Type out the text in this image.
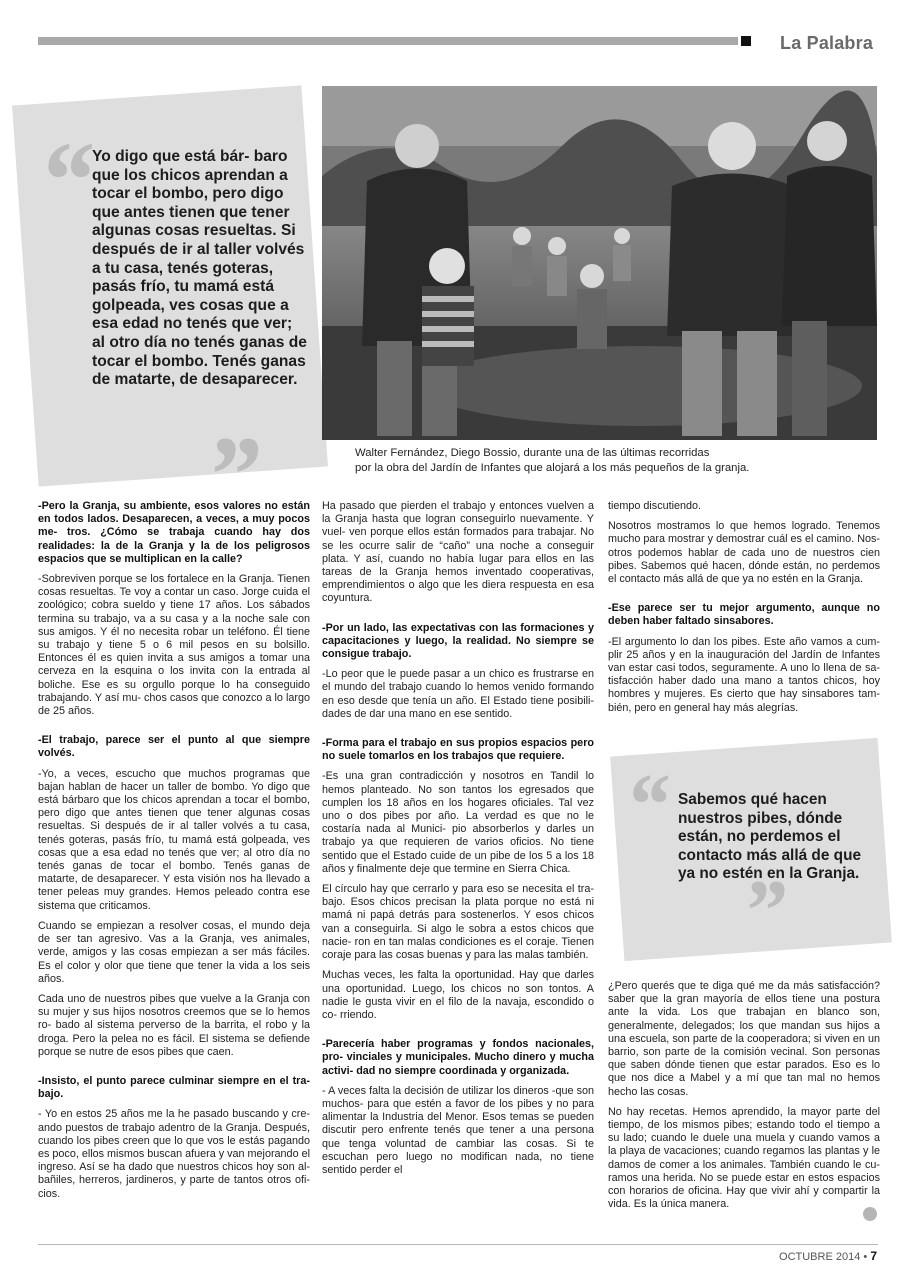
La Palabra
“ Yo digo que está bár- baro que los chicos aprendan a tocar el bombo, pero digo que antes tienen que tener algunas cosas resueltas. Si después de ir al taller volvés a tu casa, tenés goteras, pasás frío, tu mamá está golpeada, ves cosas que a esa edad no tenés que ver; al otro día no tenés ganas de tocar el bombo. Tenés ganas de matarte, de desaparecer.
”	Walter Fernández, Diego Bossio, durante una de las últimas recorridas
por la obra del Jardín de Infantes que alojará a los más pequeños de la granja.

-Pero la Granja, su ambiente, esos valores no están en todos lados. Desaparecen, a veces, a muy pocos me- tros. ¿Cómo se trabaja cuando hay dos realidades: la de la Granja y la de los peligrosos espacios que se multiplican en la calle?

-Sobreviven porque se los fortalece en la Granja. Tienen cosas resueltas. Te voy a contar un caso. Jorge cuida el zoológico; cobra sueldo y tiene 17 años. Los sábados termina su trabajo, va a su casa y a la noche sale con sus amigos. Y él no necesita robar un teléfono. Él tiene su trabajo y tiene 5 o 6 mil pesos en su bolsillo. Entonces él es quien invita a sus amigos a tomar una cerveza en la esquina o los invita con la entrada al boliche. Ese es su orgullo porque lo ha conseguido trabajando. Y así mu- chos casos que conozco a lo largo de 25 años.

-El trabajo, parece ser el punto al que siempre volvés.

-Yo, a veces, escucho que muchos programas que bajan hablan de hacer un taller de bombo. Yo digo que está bárbaro que los chicos aprendan a tocar el bombo, pero digo que antes tienen que tener algunas cosas resueltas. Si después de ir al taller volvés a tu casa, tenés goteras, pasás frío, tu mamá está golpeada, ves cosas que a esa edad no tenés que ver; al otro día no tenés ganas de tocar el bombo. Tenés ganas de matarte, de desaparecer. Y esta visión nos ha llevado a tener peleas muy grandes. Hemos peleado contra ese sistema que criticamos.

Cuando se empiezan a resolver cosas, el mundo deja de ser tan agresivo. Vas a la Granja, ves animales, verde, amigos y las cosas empiezan a ser más fáciles. Es el color y olor que tiene que tener la vida a los seis años.

Cada uno de nuestros pibes que vuelve a la Granja con su mujer y sus hijos nosotros creemos que se lo hemos ro- bado al sistema perverso de la barrita, el robo y la droga. Pero la pelea no es fácil. El sistema se defiende porque se nutre de esos pibes que caen.

-Insisto, el punto parece culminar siempre en el tra- bajo.

- Yo en estos 25 años me la he pasado buscando y cre- ando puestos de trabajo adentro de la Granja. Después, cuando los pibes creen que lo que vos le estás pagando es poco, ellos mismos buscan afuera y van mejorando el ingreso. Así se ha dado que nuestros chicos hoy son al- bañiles, herreros, jardineros, y parte de tantos otros ofi- cios.

Ha pasado que pierden el trabajo y entonces vuelven a la Granja hasta que logran conseguirlo nuevamente. Y vuel- ven porque ellos están formados para trabajar. No se les ocurre salir de “caño” una noche a conseguir plata. Y así, cuando no había lugar para ellos en las tareas de la Granja hemos inventado cooperativas, emprendimientos o algo que les diera respuesta en esa coyuntura.

-Por un lado, las expectativas con las formaciones y capacitaciones y luego, la realidad. No siempre se consigue trabajo.

-Lo peor que le puede pasar a un chico es frustrarse en el mundo del trabajo cuando lo hemos venido formando en eso desde que tenía un año. El Estado tiene posibili- dades de dar una mano en ese sentido.

-Forma para el trabajo en sus propios espacios pero no suele tomarlos en los trabajos que requiere.

-Es una gran contradicción y nosotros en Tandil lo hemos planteado. No son tantos los egresados que cumplen los 18 años en los hogares oficiales. Tal vez uno o dos pibes por año. La verdad es que no le costaría nada al Munici- pio absorberlos y darles un trabajo ya que requieren de varios oficios. No tiene sentido que el Estado cuide de un pibe de los 5 a los 18 años y finalmente deje que termine en Sierra Chica.

El círculo hay que cerrarlo y para eso se necesita el tra- bajo. Esos chicos precisan la plata porque no está ni mamá ni papá detrás para sostenerlos. Y esos chicos van a conseguirla. Si algo le sobra a estos chicos que nacie- ron en tan malas condiciones es el coraje. Tienen coraje para las cosas buenas y para las malas también.

Muchas veces, les falta la oportunidad. Hay que darles una oportunidad. Luego, los chicos no son tontos. A nadie le gusta vivir en el filo de la navaja, escondido o co- rriendo.

-Parecería haber programas y fondos nacionales, pro- vinciales y municipales. Mucho dinero y mucha activi- dad no siempre coordinada y organizada.

- A veces falta la decisión de utilizar los dineros -que son muchos- para que estén a favor de los pibes y no para alimentar la Industria del Menor. Esos temas se pueden discutir pero enfrente tenés que tener a una persona que tenga voluntad de cambiar las cosas. Si te escuchan pero luego no modifican nada, no tiene sentido perder el

tiempo discutiendo.

Nosotros mostramos lo que hemos logrado. Tenemos mucho para mostrar y demostrar cuál es el camino. Nos- otros podemos hablar de cada uno de nuestros cien pibes. Sabemos qué hacen, dónde están, no perdemos el contacto más allá de que ya no estén en la Granja.

-Ese parece ser tu mejor argumento, aunque no deben haber faltado sinsabores.

-El argumento lo dan los pibes. Este año vamos a cum- plir 25 años y en la inauguración del Jardín de Infantes van estar casi todos, seguramente. A uno lo llena de sa- tisfacción haber dado una mano a tantos chicos, hoy hombres y mujeres. Es cierto que hay sinsabores tam- bién, pero en general hay más alegrías.

¿Pero querés que te diga qué me da más satisfacción? saber que la gran mayoría de ellos tiene una postura ante la vida. Los que trabajan en blanco son, generalmente, delegados; los que mandan sus hijos a una escuela, son parte de la cooperadora; si viven en un barrio, son parte de la comisión vecinal. Son personas que saben dónde tienen que estar parados. Eso es lo que nos dice a Mabel y a mí que tan mal no hemos hecho las cosas.

No hay recetas. Hemos aprendido, la mayor parte del tiempo, de los mismos pibes; estando todo el tiempo a su lado; cuando le duele una muela y cuando vamos a la playa de vacaciones; cuando regamos las plantas y le damos de comer a los animales. También cuando le cu- ramos una herida. No se puede estar en estos espacios con horarios de oficina. Hay que vivir ahí y compartir la vida. Es la única manera.

“ Sabemos qué hacen nuestros pibes, dónde están, no perdemos el contacto más allá de que ya no estén en la Granja.
”
OCTUBRE 2014 • 7
